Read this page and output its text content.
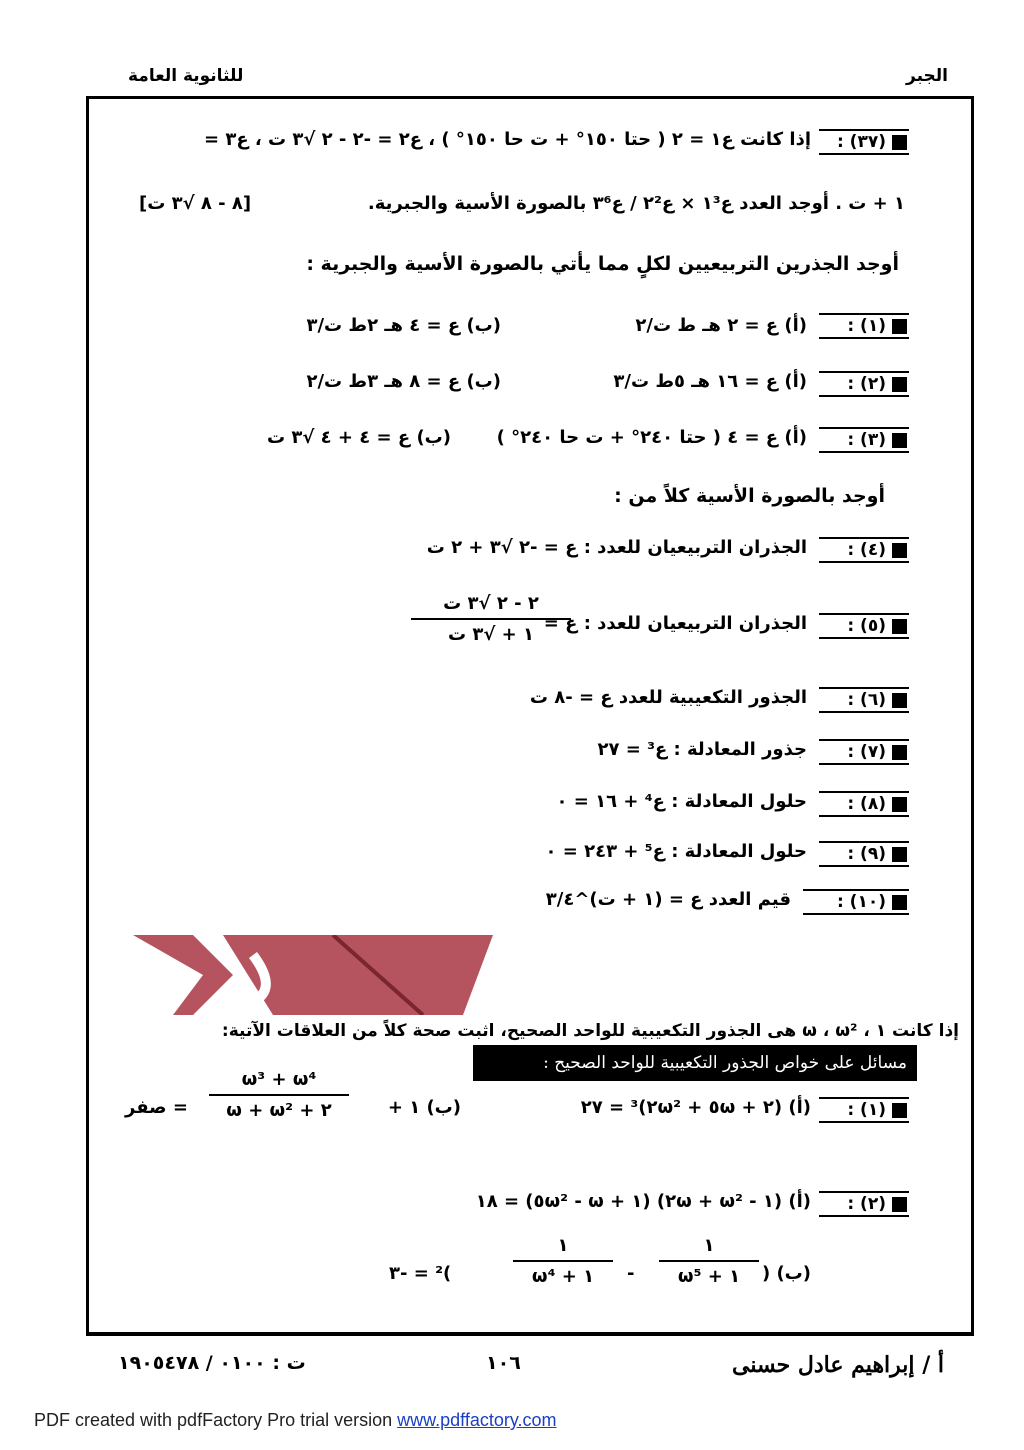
للثانوية العامة	الجبر
(٣٧) :
إذا كانت ع١ = ٢ ( حتا ١٥٠° + ت حا ١٥٠° ) ، ع٢ = -٢ - ٢ √٣ ت ، ع٣ =
١ + ت . أوجد العدد ع١³ × ع٢² / ع٣⁶ بالصورة الأسية والجبرية.
[٨ - ٨ √٣ ت]
أوجد الجذرين التربيعيين لكلٍ مما يأتي بالصورة الأسية والجبرية :
(١) :
(أ) ع = ٢ هـ ط ت/٢
(ب) ع = ٤ هـ ٢ط ت/٣
(٢) :
(أ) ع = ١٦ هـ ٥ط ت/٣
(ب) ع = ٨ هـ ٣ط ت/٢
(٣) :
(أ) ع = ٤ ( حتا ٢٤٠° + ت حا ٢٤٠° )
(ب) ع = ٤ + ٤ √٣ ت
أوجد بالصورة الأسية كلاً من :
(٤) :
الجذران التربيعيان للعدد : ع = -٢ √٣ + ٢ ت
(٥) :
الجذران التربيعيان للعدد : ع =
٢ - ٢ √٣ ت
١ + √٣ ت
(٦) :
الجذور التكعيبية للعدد ع = -٨ ت
(٧) :
جذور المعادلة : ع³ = ٢٧
(٨) :
حلول المعادلة : ع⁴ + ١٦ = ٠
(٩) :
حلول المعادلة : ع⁵ + ٢٤٣ = ٠
(١٠) :
قيم العدد ع = (١ + ت)^٣/٤
مسائل على خواص الجذور التكعيبية للواحد الصحيح :
إذا كانت ١ ، ω ، ω² هى الجذور التكعيبية للواحد الصحيح، اثبت صحة كلاً من العلاقات الآتية:
(١) :
(أ) (٢ + ٥ω + ٢ω²)³ = ٢٧
(ب) ١ +
ω³ + ω⁴
٢ + ω + ω²
= صفر
(٢) :
(أ) (١ - ٢ω + ω²) (١ + ω - ٥ω²) = ١٨
(ب) (
١
١ + ω⁵
-
١
١ + ω⁴
)² = -٣
أ / إبراهيم عادل حسنى
١٠٦
ت : ٠١٠٠ / ١٩٠٥٤٧٨
PDF created with pdfFactory Pro trial version www.pdffactory.com
